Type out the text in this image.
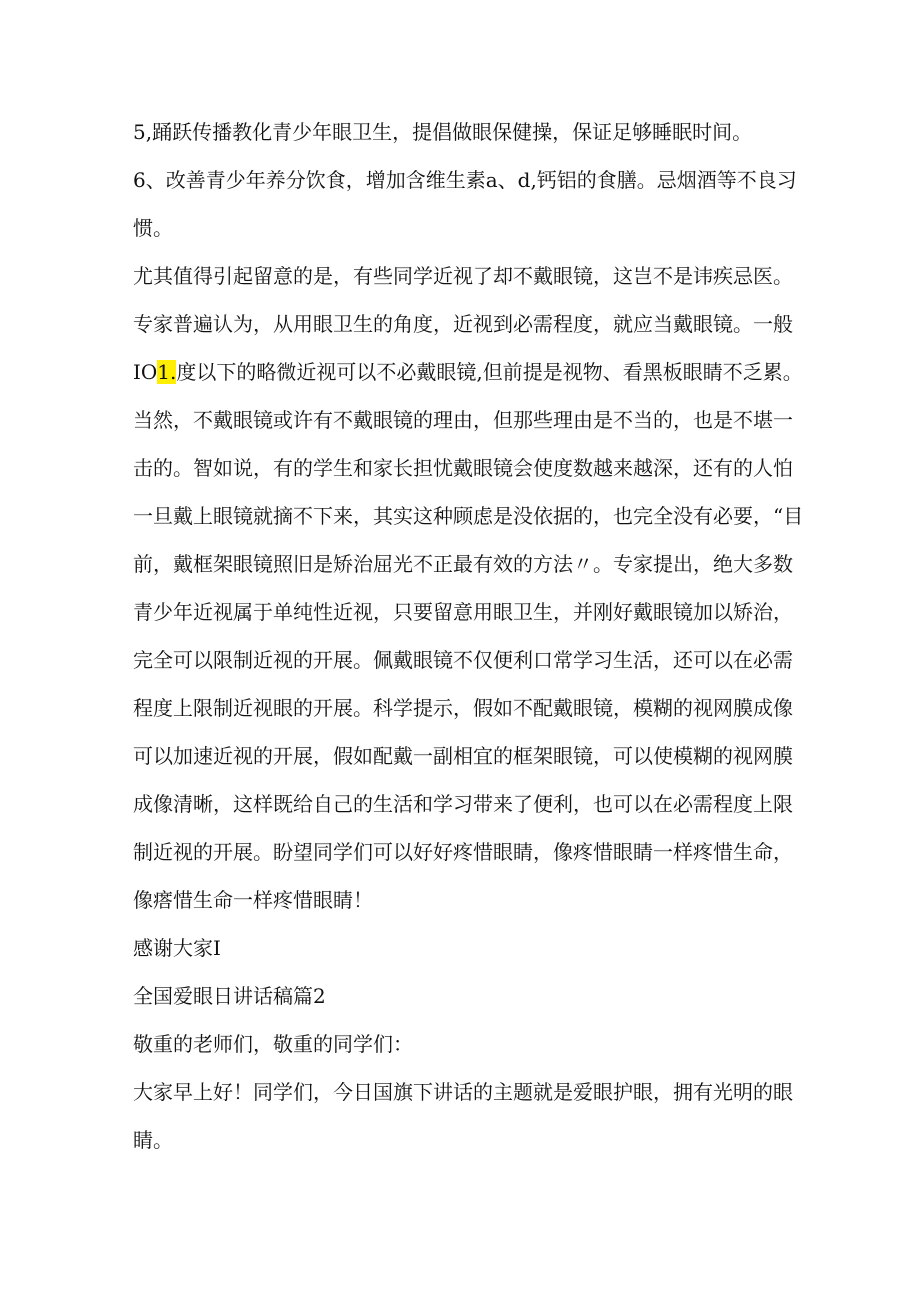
5,踊跃传播教化青少年眼卫生，提倡做眼保健操，保证足够睡眠时间。
6、改善青少年养分饮食，增加含维生素a、d,钙铝的食膳。忌烟酒等不良习
惯。
尤其值得引起留意的是，有些同学近视了却不戴眼镜，这岂不是讳疾忌医。
专家普遍认为，从用眼卫生的角度，近视到必需程度，就应当戴眼镜。一般
IO1.度以下的略微近视可以不必戴眼镜,但前提是视物、看黑板眼睛不乏累。
当然，不戴眼镜或许有不戴眼镜的理由，但那些理由是不当的，也是不堪一
击的。智如说，有的学生和家长担忧戴眼镜会使度数越来越深，还有的人怕
一旦戴上眼镜就摘不下来，其实这种顾虑是没依据的，也完全没有必要，“目
前，戴框架眼镜照旧是矫治屈光不正最有效的方法〃。专家提出，绝大多数
青少年近视属于单纯性近视，只要留意用眼卫生，并刚好戴眼镜加以矫治，
完全可以限制近视的开展。佩戴眼镜不仅便利口常学习生活，还可以在必需
程度上限制近视眼的开展。科学提示，假如不配戴眼镜，模糊的视网膜成像
可以加速近视的开展，假如配戴一副相宜的框架眼镜，可以使模糊的视网膜
成像清晰，这样既给自己的生活和学习带来了便利，也可以在必需程度上限
制近视的开展。盼望同学们可以好好疼惜眼睛，像疼惜眼睛一样疼惜生命，
像瘩惜生命一样疼惜眼睛！
感谢大家I
全国爱眼日讲话稿篇2
敬重的老师们，敬重的同学们：
大家早上好！同学们，今日国旗下讲话的主题就是爱眼护眼，拥有光明的眼
睛。
